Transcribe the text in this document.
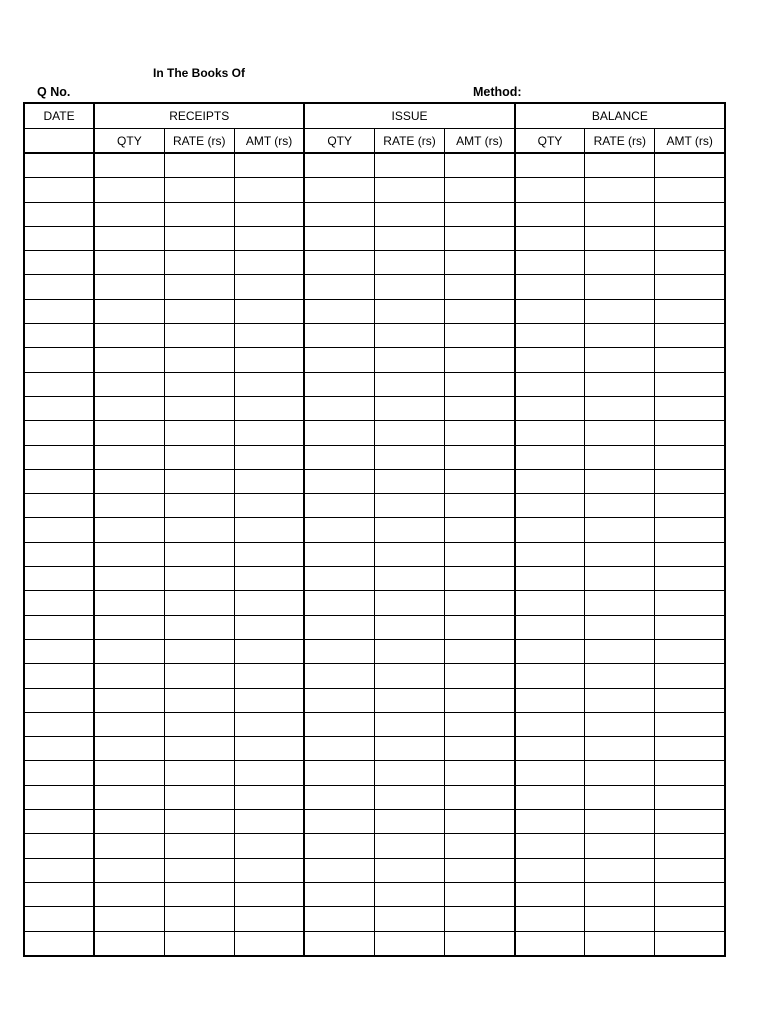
In The Books Of
Q No.	Method:
DATE	RECEIPTS			ISSUE			BALANCE		
	QTY	RATE (rs)	AMT (rs)	QTY	RATE (rs)	AMT (rs)	QTY	RATE (rs)	AMT (rs)
